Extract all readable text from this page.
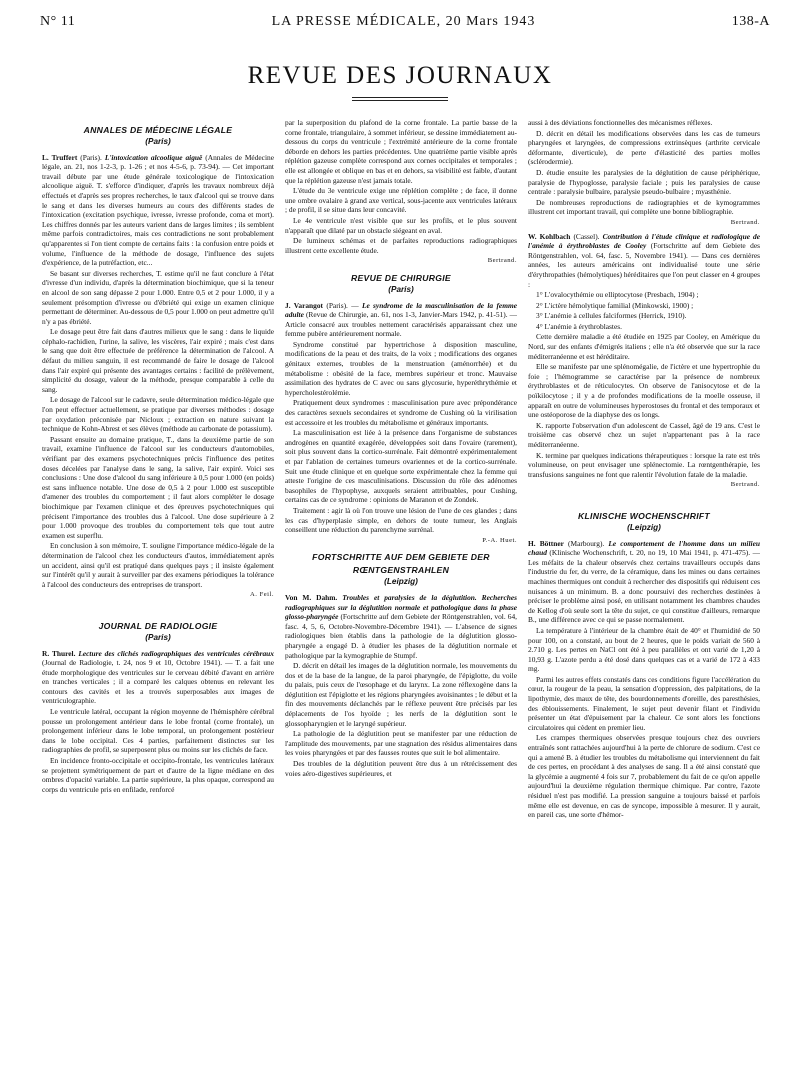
N° 11	LA PRESSE MÉDICALE, 20 Mars 1943	138-A
REVUE DES JOURNAUX
ANNALES DE MÉDECINE LÉGALE
(Paris)

L. Truffert (Paris). L'intoxication alcoolique aiguë (Annales de Médecine légale, an. 21, nos 1-2-3, p. 1-26 ; et nos 4-5-6, p. 73-94). — Cet important travail débute par une étude générale toxicologique de l'intoxication alcoolique aiguë. T. s'efforce d'indiquer, d'après les travaux nombreux déjà effectués et d'après ses propres recherches, le taux d'alcool qui se trouve dans le sang et dans les diverses humeurs au cours des différents stades de l'intoxication (excitation psychique, ivresse, ivresse profonde, coma et mort). Les chiffres donnés par les auteurs varient dans de larges limites ; ils semblent même parfois contradictoires, mais ces contradictions ne sont probablement qu'apparentes si l'on tient compte de certains faits : la confusion entre poids et volume, l'influence de la méthode de dosage, l'influence des sujets d'expérience, de la putréfaction, etc...

Se basant sur diverses recherches, T. estime qu'il ne faut conclure à l'état d'ivresse d'un individu, d'après la détermination biochimique, que si la teneur en alcool de son sang dépasse 2 pour 1.000. Entre 0,5 et 2 pour 1.000, il y a seulement présomption d'ivresse ou d'ébriété qui exige un examen clinique permettant de déterminer. Au-dessous de 0,5 pour 1.000 on peut admettre qu'il n'y a pas ébriété.

Le dosage peut être fait dans d'autres milieux que le sang : dans le liquide céphalo-rachidien, l'urine, la salive, les viscères, l'air expiré ; mais c'est dans le sang que doit être effectuée de préférence la détermination de l'alcool. A défaut du milieu sanguin, il est recommandé de faire le dosage de l'alcool dans l'air expiré qui présente des avantages certains : facilité de prélèvement, simplicité du dosage, valeur de la méthode, presque comparable à celle du sang.

Le dosage de l'alcool sur le cadavre, seule détermination médico-légale que l'on peut effectuer actuellement, se pratique par diverses méthodes : dosage par oxydation préconisée par Nicloux ; extraction en nature suivant la technique de Kohn-Abrest et ses élèves (méthode au carbonate de potassium).

Passant ensuite au domaine pratique, T., dans la deuxième partie de son travail, examine l'influence de l'alcool sur les conducteurs d'automobiles, vérifiant par des examens psychotechniques précis l'influence des petites doses décelées par l'analyse dans le sang, la salive, l'air expiré. Voici ses conclusions : Une dose d'alcool du sang inférieure à 0,5 pour 1.000 (en poids) est sans influence notable. Une dose de 0,5 à 2 pour 1.000 est susceptible d'amener des troubles du comportement ; il faut alors compléter le dosage biochimique par l'examen clinique et des épreuves psychotechniques qui précisent l'importance des troubles dus à l'alcool. Une dose supérieure à 2 pour 1.000 provoque des troubles du comportement tels que tout autre examen est superflu.

En conclusion à son mémoire, T. souligne l'importance médico-légale de la détermination de l'alcool chez les conducteurs d'autos, immédiatement après un accident, ainsi qu'il est pratiqué dans quelques pays ; il insiste également sur l'intérêt qu'il y aurait à surveiller par des examens périodiques la tolérance à l'alcool des conducteurs des entreprises de transport.

A. Feil.
JOURNAL DE RADIOLOGIE
(Paris)

R. Thurel. Lecture des clichés radiographiques des ventricules cérébraux (Journal de Radiologie, t. 24, nos 9 et 10, Octobre 1941). — T. a fait une étude morphologique des ventricules sur le cerveau débité d'avant en arrière en tranches verticales ; il a comparé les calques obtenus en relevant les contours des cavités et les a trouvés superposables aux images de ventriculographie.

Le ventricule latéral, occupant la région moyenne de l'hémisphère cérébral pousse un prolongement antérieur dans le lobe frontal (corne frontale), un prolongement inférieur dans le lobe temporal, un prolongement postérieur dans le lobe occipital. Ces 4 parties, parfaitement distinctes sur les radiographies de profil, se superposent plus ou moins sur les clichés de face.

En incidence fronto-occipitale et occipito-frontale, les ventricules latéraux se projettent symétriquement de part et d'autre de la ligne médiane en des ombres d'opacité variable. La partie supérieure, la plus opaque, correspond au corps du ventricule pris en enfilade, renforcé

par la superposition du plafond de la corne frontale. La partie basse de la corne frontale, triangulaire, à sommet inférieur, se dessine immédiatement au-dessous du corps du ventricule ; l'extrémité antérieure de la corne frontale déborde en dehors les parties précédentes. Une quatrième partie visible après réplétion gazeuse complète correspond aux cornes occipitales et temporales ; elle est allongée et oblique en bas et en dehors, sa visibilité est faible, d'autant que la réplétion gazeuse n'est jamais totale.

L'étude du 3e ventricule exige une réplétion complète ; de face, il donne une ombre ovalaire à grand axe vertical, sous-jacente aux ventricules latéraux ; de profil, il se situe dans leur concavité.

Le 4e ventricule n'est visible que sur les profils, et le plus souvent n'apparaît que dilaté par un obstacle siégeant en aval.

De lumineux schémas et de parfaites reproductions radiographiques illustrent cette excellente étude.

Bertrand.
REVUE DE CHIRURGIE
(Paris)

J. Varangot (Paris). — Le syndrome de la masculinisation de la femme adulte (Revue de Chirurgie, an. 61, nos 1-3, Janvier-Mars 1942, p. 41-51). — Article consacré aux troubles nettement caractérisés apparaissant chez une femme pubère antérieurement normale.

Syndrome constitué par hypertrichose à disposition masculine, modifications de la peau et des traits, de la voix ; modifications des organes génitaux externes, troubles de la menstruation (aménorrhée) et du métabolisme : obésité de la face, membres supérieur et tronc. Mauvaise assimilation des hydrates de C avec ou sans glycosurie, hyperéthrythémie et hypercholestérolémie.

Pratiquement deux syndromes : masculinisation pure avec prépondérance des caractères sexuels secondaires et syndrome de Cushing où la virilisation est accessoire et les troubles du métabolisme et généraux importants.

La masculinisation est liée à la présence dans l'organisme de substances androgènes en quantité exagérée, développées soit dans l'ovaire (rarement), soit plus souvent dans la cortico-surrénale. Fait démontré expérimentalement et par l'ablation de certaines tumeurs ovariennes et de la cortico-surrénale. Suit une étude clinique et en quelque sorte expérimentale chez la femme qui atteste l'origine de ces masculinisations. Discussion du rôle des adénomes basophiles de l'hypophyse, auxquels seraient attribuables, pour Cushing, certains cas de ce syndrome : opinions de Maranon et de Zondek.

Traitement : agir là où l'on trouve une lésion de l'une de ces glandes ; dans les cas d'hyperplasie simple, en dehors de toute tumeur, les Anglais conseillent une réduction du parenchyme surrénal.

P.-A. Huet.
FORTSCHRITTE AUF DEM GEBIETE DER RŒNTGENSTRAHLEN
(Leipzig)

Von M. Dahm. Troubles et paralysies de la déglutition. Recherches radiographiques sur la déglutition normale et pathologique dans la phase glosso-pharyngée (Fortschritte auf dem Gebiete der Röntgenstrahlen, vol. 64, fasc. 4, 5, 6, Octobre-Novembre-Décembre 1941). — L'absence de signes radiologiques bien établis dans la pathologie de la déglutition glosso-pharyngée a engagé D. à étudier les phases de la déglutition normale et pathologique par la kymographie de Stumpf.

D. décrit en détail les images de la déglutition normale, les mouvements du dos et de la base de la langue, de la paroi pharyngée, de l'épiglotte, du voile du palais, puis ceux de l'œsophage et du larynx. La zone réflexogène dans la déglutition est l'épiglotte et les régions pharyngées avoisinantes ; le début et la fin des mouvements déclanchés par le réflexe peuvent être précisés par les déplacements de l'os hyoïde ; les nerfs de la déglutition sont le glossopharyngien et le laryngé supérieur.

La pathologie de la déglutition peut se manifester par une réduction de l'amplitude des mouvements, par une stagnation des résidus alimentaires dans les voies pharyngées et par des fausses routes que suit le bol alimentaire.

Des troubles de la déglutition peuvent être dus à un rétrécissement des voies aéro-digestives supérieures, et

aussi à des déviations fonctionnelles des mécanismes réflexes.

D. décrit en détail les modifications observées dans les cas de tumeurs pharyngées et laryngées, de compressions extrinsèques (arthrite cervicale déformante, diverticule), de perte d'élasticité des parties molles (sclérodermie).

D. étudie ensuite les paralysies de la déglutition de cause périphérique, paralysie de l'hypoglosse, paralysie faciale ; puis les paralysies de cause centrale : paralysie bulbaire, paralysie pseudo-bulbaire ; myasthénie.

De nombreuses reproductions de radiographies et de kymogrammes illustrent cet important travail, qui complète une bonne bibliographie.

Bertrand.

W. Kohlbach (Cassel). Contribution à l'étude clinique et radiologique de l'anémie à érythroblastes de Cooley (Fortschritte auf dem Gebiete des Röntgenstrahlen, vol. 64, fasc. 5, Novembre 1941). — Dans ces dernières années, les auteurs américains ont individualisé toute une série d'érythropathies (hémolytiques) héréditaires que l'on peut classer en 4 groupes :

1° L'ovalocythémie ou elliptocytose (Presbach, 1904) ;

2° L'ictère hémolytique familial (Minkowski, 1900) ;

3° L'anémie à cellules falciformes (Herrick, 1910).

4° L'anémie à érythroblastes.

Cette dernière maladie a été étudiée en 1925 par Cooley, en Amérique du Nord, sur des enfants d'émigrés italiens ; elle n'a été observée que sur la race méditerranéenne et est héréditaire.

Elle se manifeste par une splénomégalie, de l'ictère et une hypertrophie du foie ; l'hémogramme se caractérise par la présence de nombreux érythroblastes et de réticulocytes. On observe de l'anisocytose et de la poïkilocytose ; il y a de profondes modifications de la moelle osseuse, il apparaît en outre de volumineuses hyperostoses du frontal et des temporaux et une ostéoporose de la diaphyse des os longs.

K. rapporte l'observation d'un adolescent de Cassel, âgé de 19 ans. C'est le troisième cas observé chez un sujet n'appartenant pas à la race méditerranéenne.

K. termine par quelques indications thérapeutiques : lorsque la rate est très volumineuse, on peut envisager une splénectomie. La rœntgenthérapie, les transfusions sanguines ne font que ralentir l'évolution fatale de la maladie.

Bertrand.
KLINISCHE WOCHENSCHRIFT
(Leipzig)

H. Böttner (Marbourg). Le comportement de l'homme dans un milieu chaud (Klinische Wochenschrift, t. 20, no 19, 10 Mai 1941, p. 471-475). — Les méfaits de la chaleur observés chez certains travailleurs occupés dans l'industrie du fer, du verre, de la céramique, dans les mines ou dans certaines machines thermiques ont conduit à rechercher des dispositifs qui réduisent ces nuisances à un minimum. B. a donc poursuivi des recherches destinées à préciser le problème ainsi posé, en utilisant notamment les chambres chaudes de Kellog d'où seule sort la tête du sujet, ce qui constitue d'ailleurs, remarque B., une différence avec ce qui se passe normalement.

La température à l'intérieur de la chambre était de 40° et l'humidité de 50 pour 100, on a constaté, au bout de 2 heures, que le poids variait de 560 à 2.710 g. Les pertes en NaCl ont été à peu parallèles et ont varié de 1,20 à 10,93 g. L'azote perdu a été dosé dans quelques cas et a varié de 172 à 433 mg.

Parmi les autres effets constatés dans ces conditions figure l'accélération du cœur, la rougeur de la peau, la sensation d'oppression, des palpitations, de la lipothymie, des maux de tête, des bourdonnements d'oreille, des paresthésies, des éblouissements. Finalement, le sujet peut devenir filant et l'individu présenter un état d'épuisement par la chaleur. Ce sont alors les fonctions circulatoires qui cèdent en premier lieu.

Les crampes thermiques observées presque toujours chez des ouvriers entraînés sont rattachées aujourd'hui à la perte de chlorure de sodium. C'est ce qui a amené B. à étudier les troubles du métabolisme qui interviennent du fait de ces pertes, en procédant à des analyses de sang. Il a été ainsi constaté que la glycémie a augmenté 4 fois sur 7, probablement du fait de ce qu'on appelle aujourd'hui la deuxième régulation thermique chimique. Par contre, l'azote résiduel n'est pas modifié. La pression sanguine a toujours baissé et parfois même elle est devenue, en cas de syncope, impossible à mesurer. Il y aurait, en pareil cas, une sorte d'hémor-
